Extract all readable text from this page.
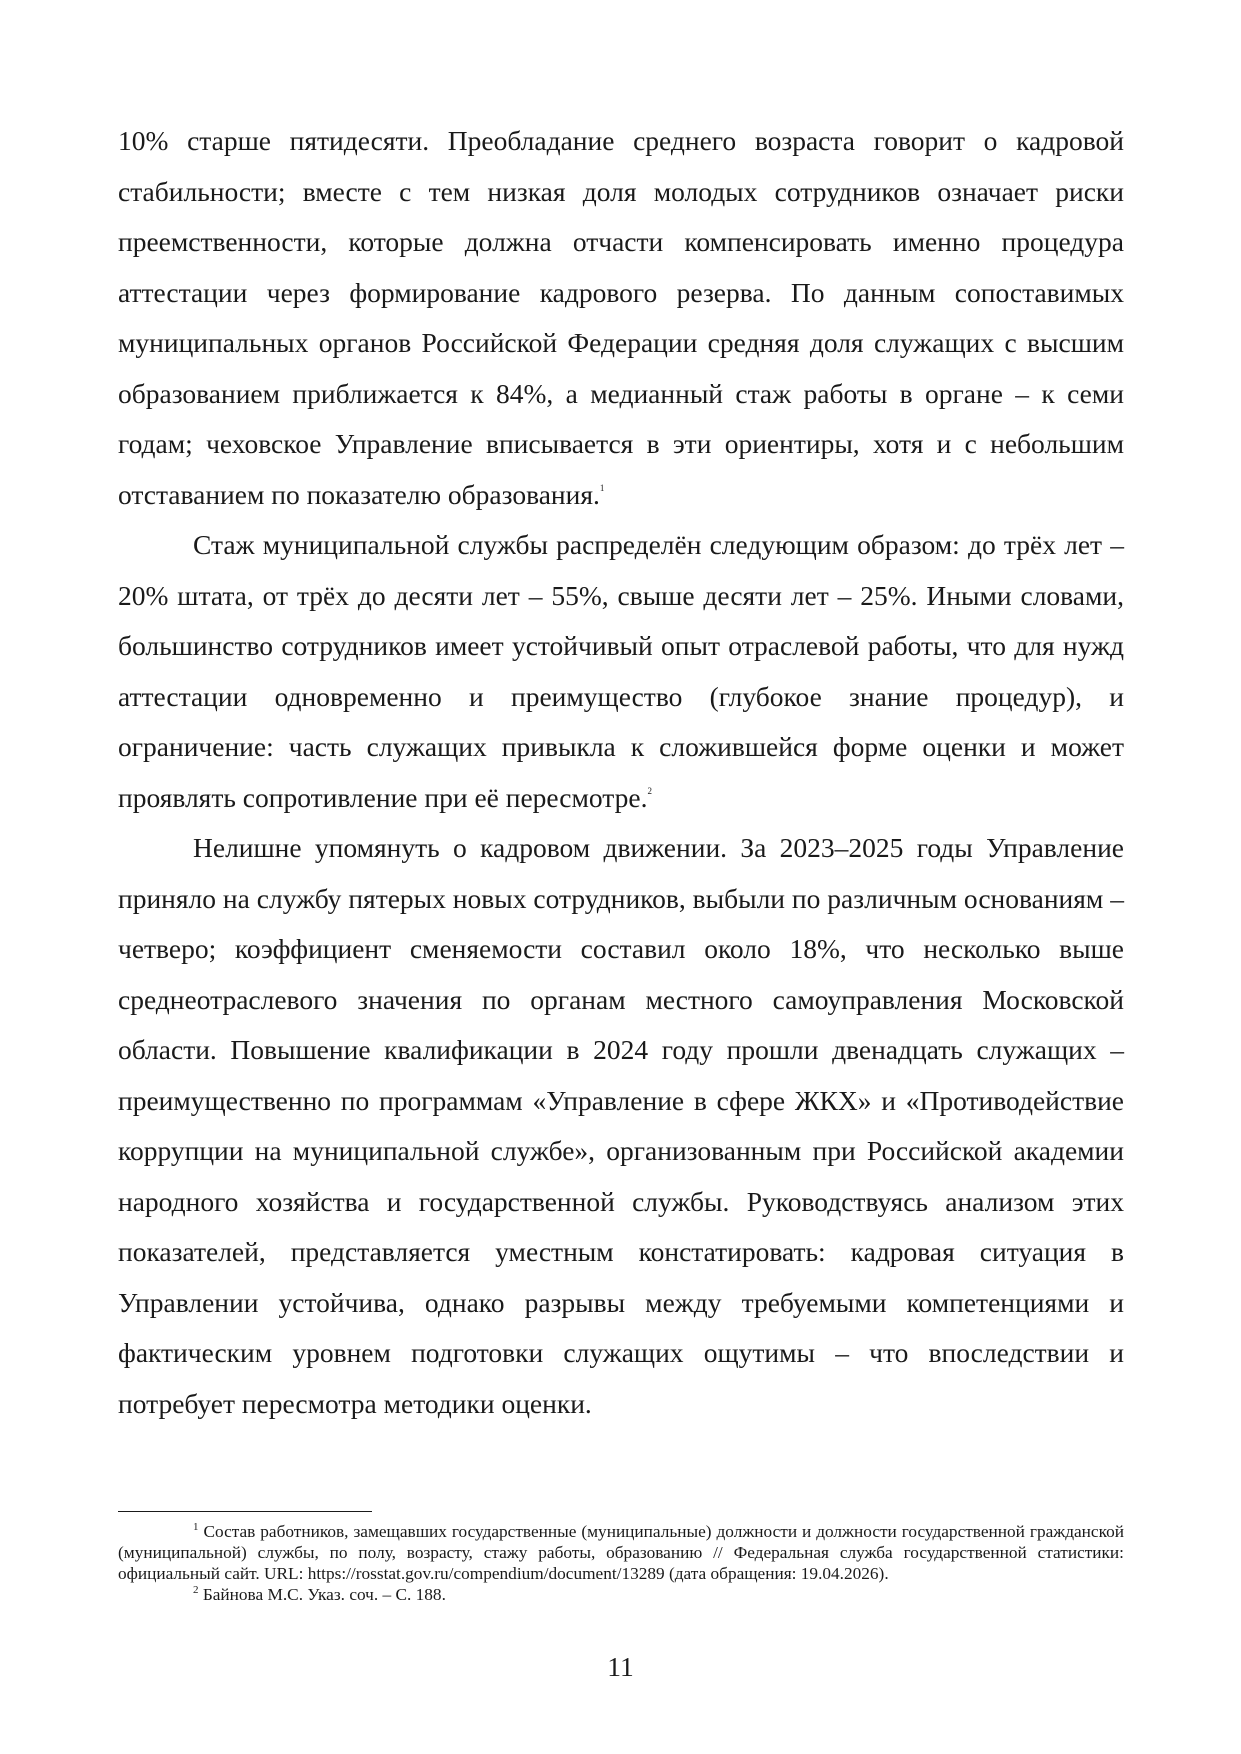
10% старше пятидесяти. Преобладание среднего возраста говорит о кадровой стабильности; вместе с тем низкая доля молодых сотрудников означает риски преемственности, которые должна отчасти компенсировать именно процедура аттестации через формирование кадрового резерва. По данным сопоставимых муниципальных органов Российской Федерации средняя доля служащих с высшим образованием приближается к 84%, а медианный стаж работы в органе – к семи годам; чеховское Управление вписывается в эти ориентиры, хотя и с небольшим отставанием по показателю образования.$^1$

Стаж муниципальной службы распределён следующим образом: до трёх лет – 20% штата, от трёх до десяти лет – 55%, свыше десяти лет – 25%. Иными словами, большинство сотрудников имеет устойчивый опыт отраслевой работы, что для нужд аттестации одновременно и преимущество (глубокое знание процедур), и ограничение: часть служащих привыкла к сложившейся форме оценки и может проявлять сопротивление при её пересмотре.$^2$

Нелишне упомянуть о кадровом движении. За 2023–2025 годы Управление приняло на службу пятерых новых сотрудников, выбыли по различным основаниям – четверо; коэффициент сменяемости составил около 18%, что несколько выше среднеотраслевого значения по органам местного самоуправления Московской области. Повышение квалификации в 2024 году прошли двенадцать служащих – преимущественно по программам «Управление в сфере ЖКХ» и «Противодействие коррупции на муниципальной службе», организованным при Российской академии народного хозяйства и государственной службы. Руководствуясь анализом этих показателей, представляется уместным констатировать: кадровая ситуация в Управлении устойчива, однако разрывы между требуемыми компетенциями и фактическим уровнем подготовки служащих ощутимы – что впоследствии и потребует пересмотра методики оценки.

$^1$ Состав работников, замещавших государственные (муниципальные) должности и должности государственной гражданской (муниципальной) службы, по полу, возрасту, стажу работы, образованию // Федеральная служба государственной статистики: официальный сайт. URL: https://rosstat.gov.ru/compendium/document/13289 (дата обращения: 19.04.2026).

$^2$ Байнова М.С. Указ. соч. – С. 188.

11
